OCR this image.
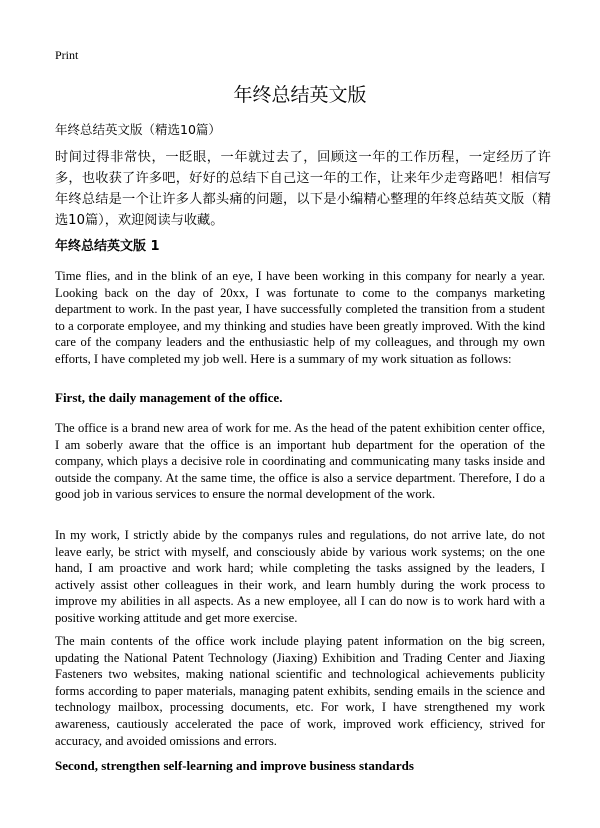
Print
年终总结英文版
年终总结英文版（精选10篇）
时间过得非常快，一眨眼，一年就过去了，回顾这一年的工作历程，一定经历了许多，也收获了许多吧，好好的总结下自己这一年的工作，让来年少走弯路吧！相信写年终总结是一个让许多人都头痛的问题，以下是小编精心整理的年终总结英文版（精选10篇），欢迎阅读与收藏。
年终总结英文版 1

Time flies, and in the blink of an eye, I have been working in this company for nearly a year. Looking back on the day of 20xx, I was fortunate to come to the companys marketing department to work. In the past year, I have successfully completed the transition from a student to a corporate employee, and my thinking and studies have been greatly improved. With the kind care of the company leaders and the enthusiastic help of my colleagues, and through my own efforts, I have completed my job well. Here is a summary of my work situation as follows:

First, the daily management of the office.

The office is a brand new area of work for me. As the head of the patent exhibition center office, I am soberly aware that the office is an important hub department for the operation of the company, which plays a decisive role in coordinating and communicating many tasks inside and outside the company. At the same time, the office is also a service department. Therefore, I do a good job in various services to ensure the normal development of the work.

In my work, I strictly abide by the companys rules and regulations, do not arrive late, do not leave early, be strict with myself, and consciously abide by various work systems; on the one hand, I am proactive and work hard; while completing the tasks assigned by the leaders, I actively assist other colleagues in their work, and learn humbly during the work process to improve my abilities in all aspects. As a new employee, all I can do now is to work hard with a positive working attitude and get more exercise.

The main contents of the office work include playing patent information on the big screen, updating the National Patent Technology (Jiaxing) Exhibition and Trading Center and Jiaxing Fasteners two websites, making national scientific and technological achievements publicity forms according to paper materials, managing patent exhibits, sending emails in the science and technology mailbox, processing documents, etc. For work, I have strengthened my work awareness, cautiously accelerated the pace of work, improved work efficiency, strived for accuracy, and avoided omissions and errors.

Second, strengthen self-learning and improve business standards
